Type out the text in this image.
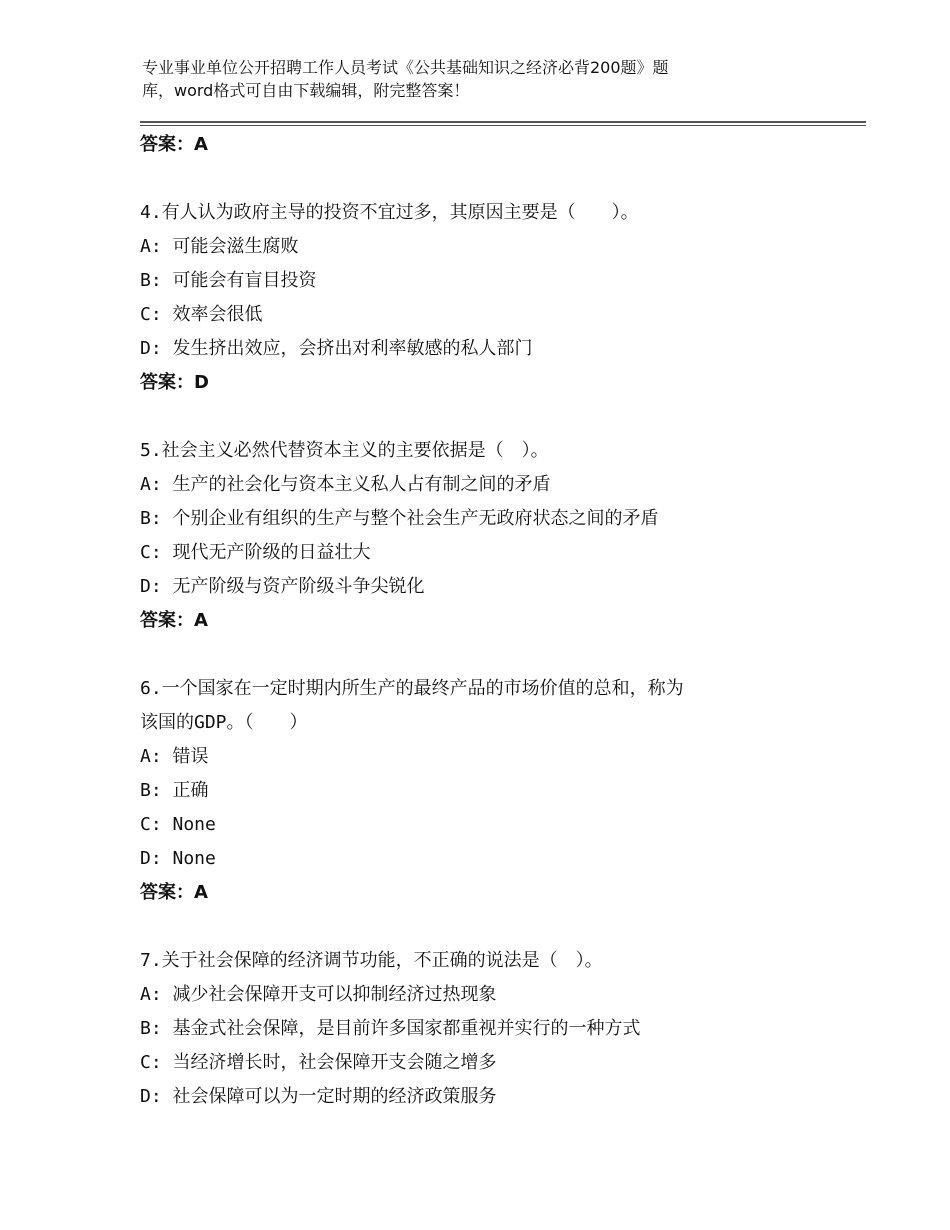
专业事业单位公开招聘工作人员考试《公共基础知识之经济必背200题》题
库，word格式可自由下载编辑，附完整答案！
答案：A
4.有人认为政府主导的投资不宜过多，其原因主要是（　　）。
A: 可能会滋生腐败
B: 可能会有盲目投资
C: 效率会很低
D: 发生挤出效应，会挤出对利率敏感的私人部门
答案：D
5.社会主义必然代替资本主义的主要依据是（　）。
A: 生产的社会化与资本主义私人占有制之间的矛盾
B: 个别企业有组织的生产与整个社会生产无政府状态之间的矛盾
C: 现代无产阶级的日益壮大
D: 无产阶级与资产阶级斗争尖锐化
答案：A
6.一个国家在一定时期内所生产的最终产品的市场价值的总和，称为
该国的GDP。（　　）
A: 错误
B: 正确
C: None
D: None
答案：A
7.关于社会保障的经济调节功能，不正确的说法是（　）。
A: 减少社会保障开支可以抑制经济过热现象
B: 基金式社会保障，是目前许多国家都重视并实行的一种方式
C: 当经济增长时，社会保障开支会随之增多
D: 社会保障可以为一定时期的经济政策服务
